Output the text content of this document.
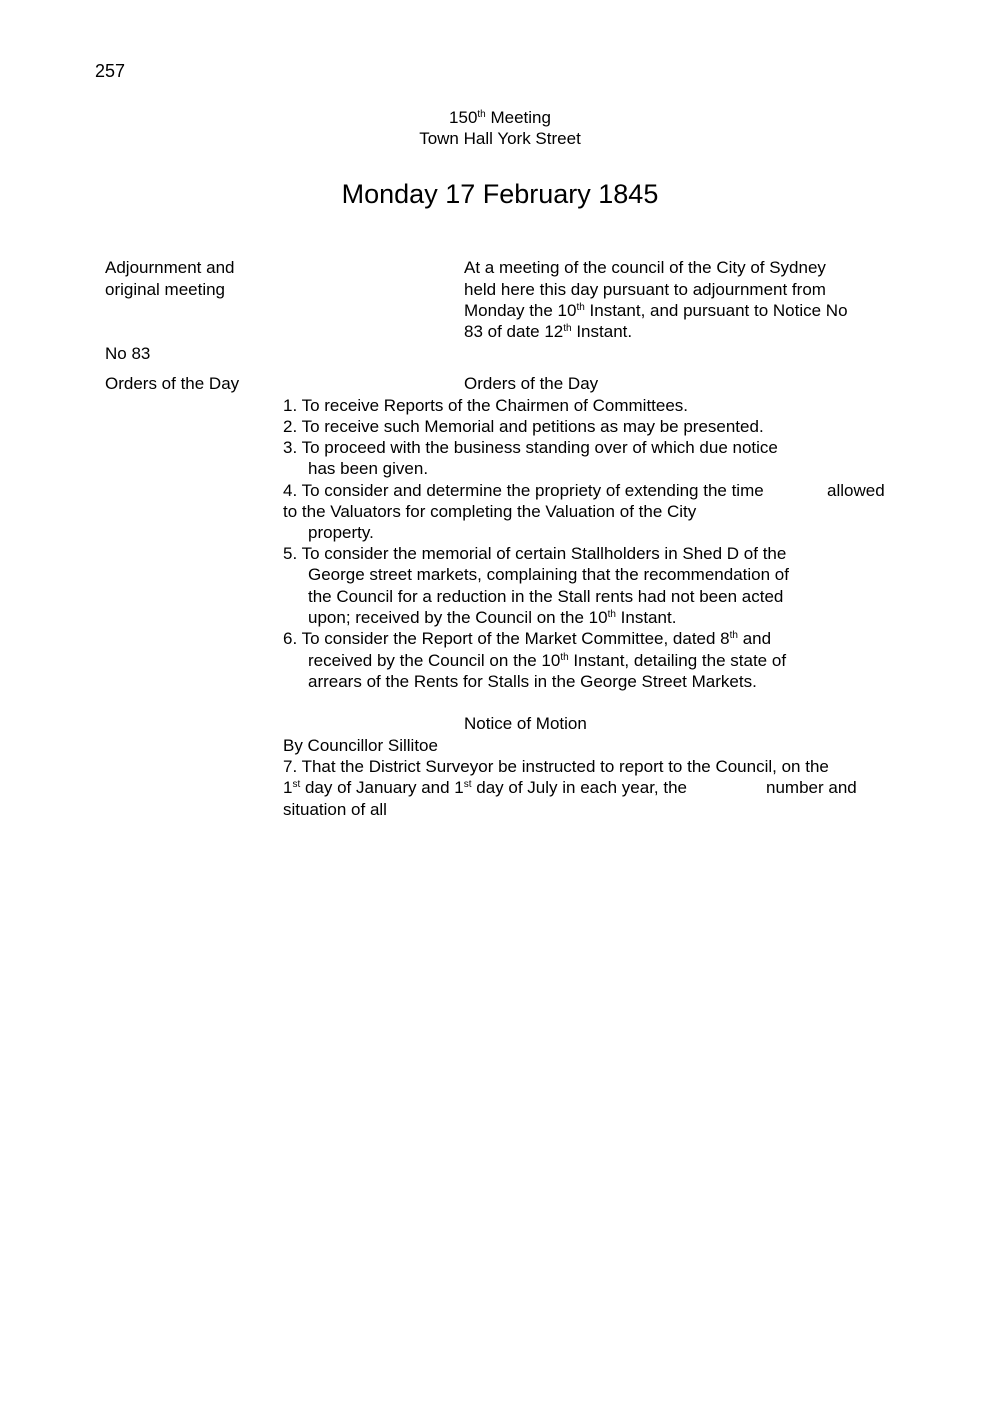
257
150th Meeting
Town Hall York Street
Monday 17 February 1845
Adjournment and
original meeting
No 83
Orders of the Day
At a meeting of the council of the City of Sydney
held here this day pursuant to adjournment from
Monday the 10th Instant, and pursuant to Notice No
83 of date 12th Instant.
Orders of the Day
1. To receive Reports of the Chairmen of Committees.
2. To receive such Memorial and petitions as may be presented.
3. To proceed with the business standing over of which due notice
has been given.
4. To consider and determine the propriety of extending the time	allowed
to the Valuators for completing the Valuation of the City
property.
5. To consider the memorial of certain Stallholders in Shed D of the
George street markets, complaining that the recommendation of
the Council for a reduction in the Stall rents had not been acted
upon; received by the Council on the 10th Instant.
6. To consider the Report of the Market Committee, dated 8th and
received by the Council on the 10th Instant, detailing the state of
arrears of the Rents for Stalls in the George Street Markets.
Notice of Motion
By Councillor Sillitoe
7. That the District Surveyor be instructed to report to the Council, on the
1st day of January and 1st day of July in each year, the	number and
situation of all
